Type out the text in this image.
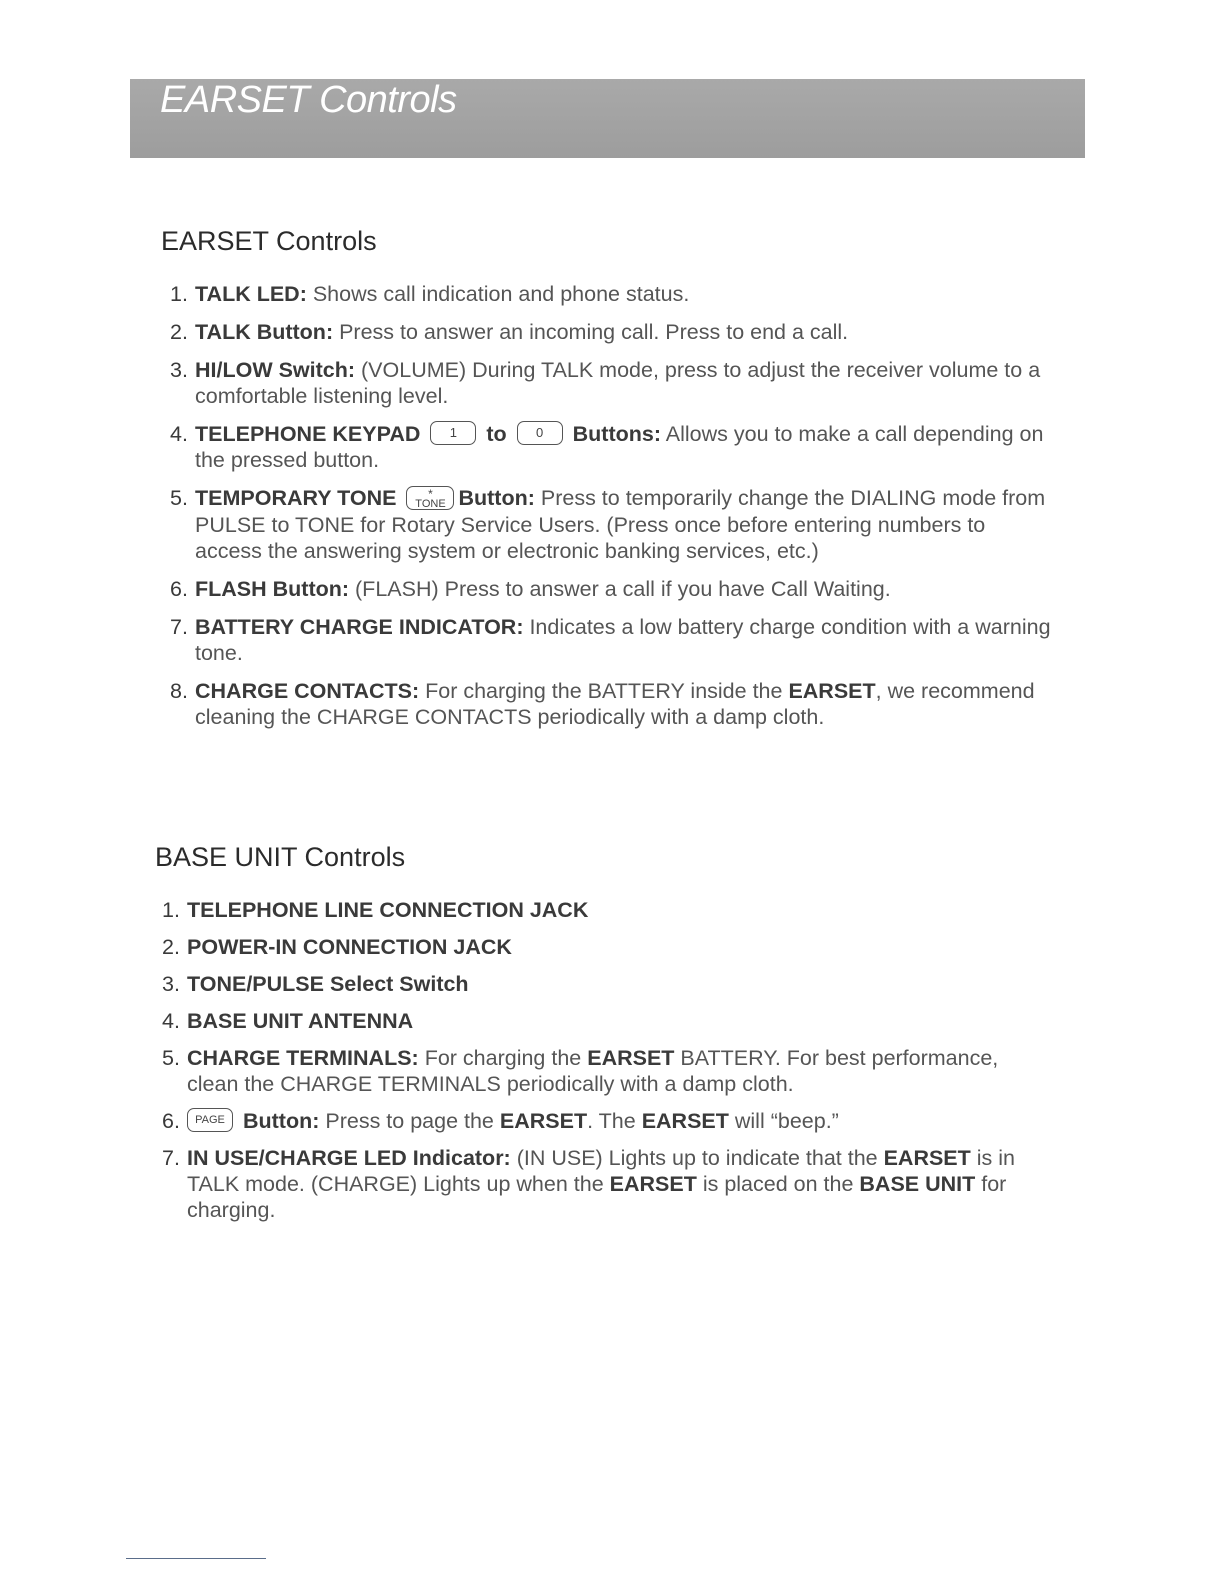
EARSET Controls
EARSET Controls
1. TALK LED: Shows call indication and phone status.
2. TALK Button: Press to answer an incoming call. Press to end a call.
3. HI/LOW Switch: (VOLUME) During TALK mode, press to adjust the receiver volume to a comfortable listening level.
4. TELEPHONE KEYPAD 1 to 0 Buttons: Allows you to make a call depending on the pressed button.
5. TEMPORARY TONE	*
TONE Button: Press to temporarily change the DIALING mode from PULSE to TONE for Rotary Service Users. (Press once before entering numbers to access the answering system or electronic banking services, etc.)
6. FLASH Button: (FLASH) Press to answer a call if you have Call Waiting.
7. BATTERY CHARGE INDICATOR: Indicates a low battery charge condition with a warning tone.
8. CHARGE CONTACTS: For charging the BATTERY inside the EARSET, we recommend cleaning the CHARGE CONTACTS periodically with a damp cloth.
BASE UNIT Controls
1. TELEPHONE LINE CONNECTION JACK
2. POWER-IN CONNECTION JACK
3. TONE/PULSE Select Switch
4. BASE UNIT ANTENNA
5. CHARGE TERMINALS: For charging the EARSET BATTERY. For best performance, clean the CHARGE TERMINALS periodically with a damp cloth.
6. PAGE Button: Press to page the EARSET. The EARSET will “beep.”
7. IN USE/CHARGE LED Indicator: (IN USE) Lights up to indicate that the EARSET is in TALK mode. (CHARGE) Lights up when the EARSET is placed on the BASE UNIT for charging.
